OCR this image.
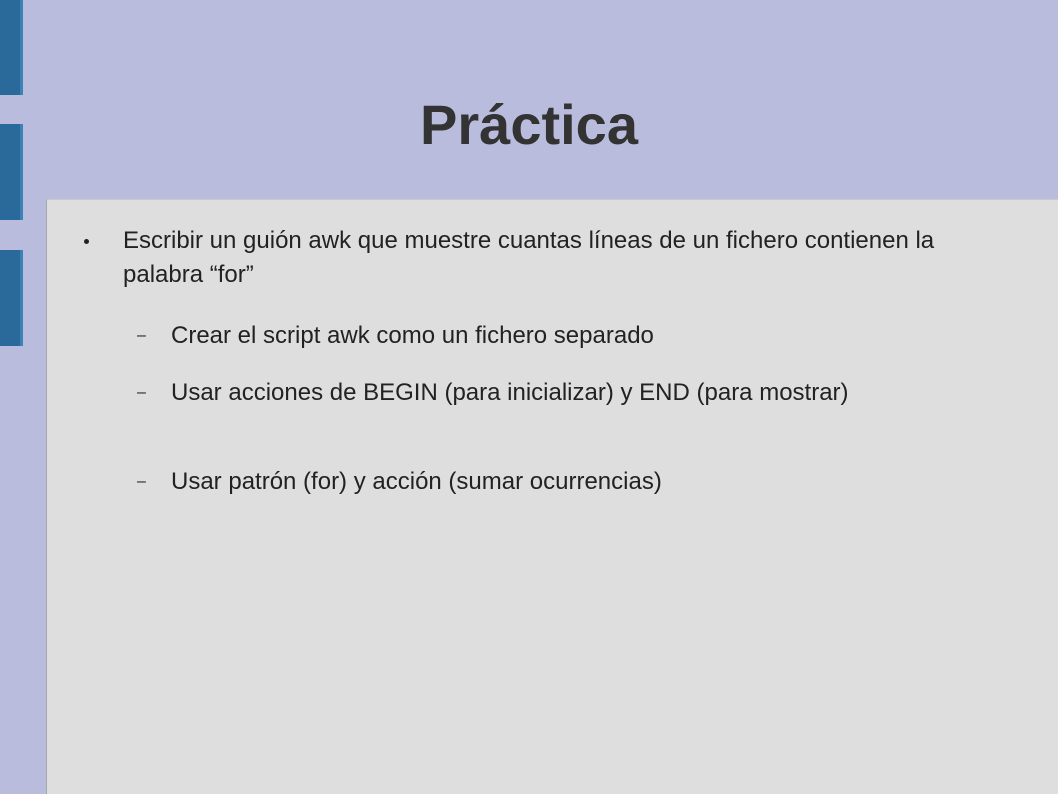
Práctica
Escribir un guión awk que muestre cuantas líneas de un fichero contienen la palabra “for”
– Crear el script awk como un fichero separado
– Usar acciones de BEGIN (para inicializar) y END (para mostrar)
– Usar patrón (for) y acción (sumar ocurrencias)
